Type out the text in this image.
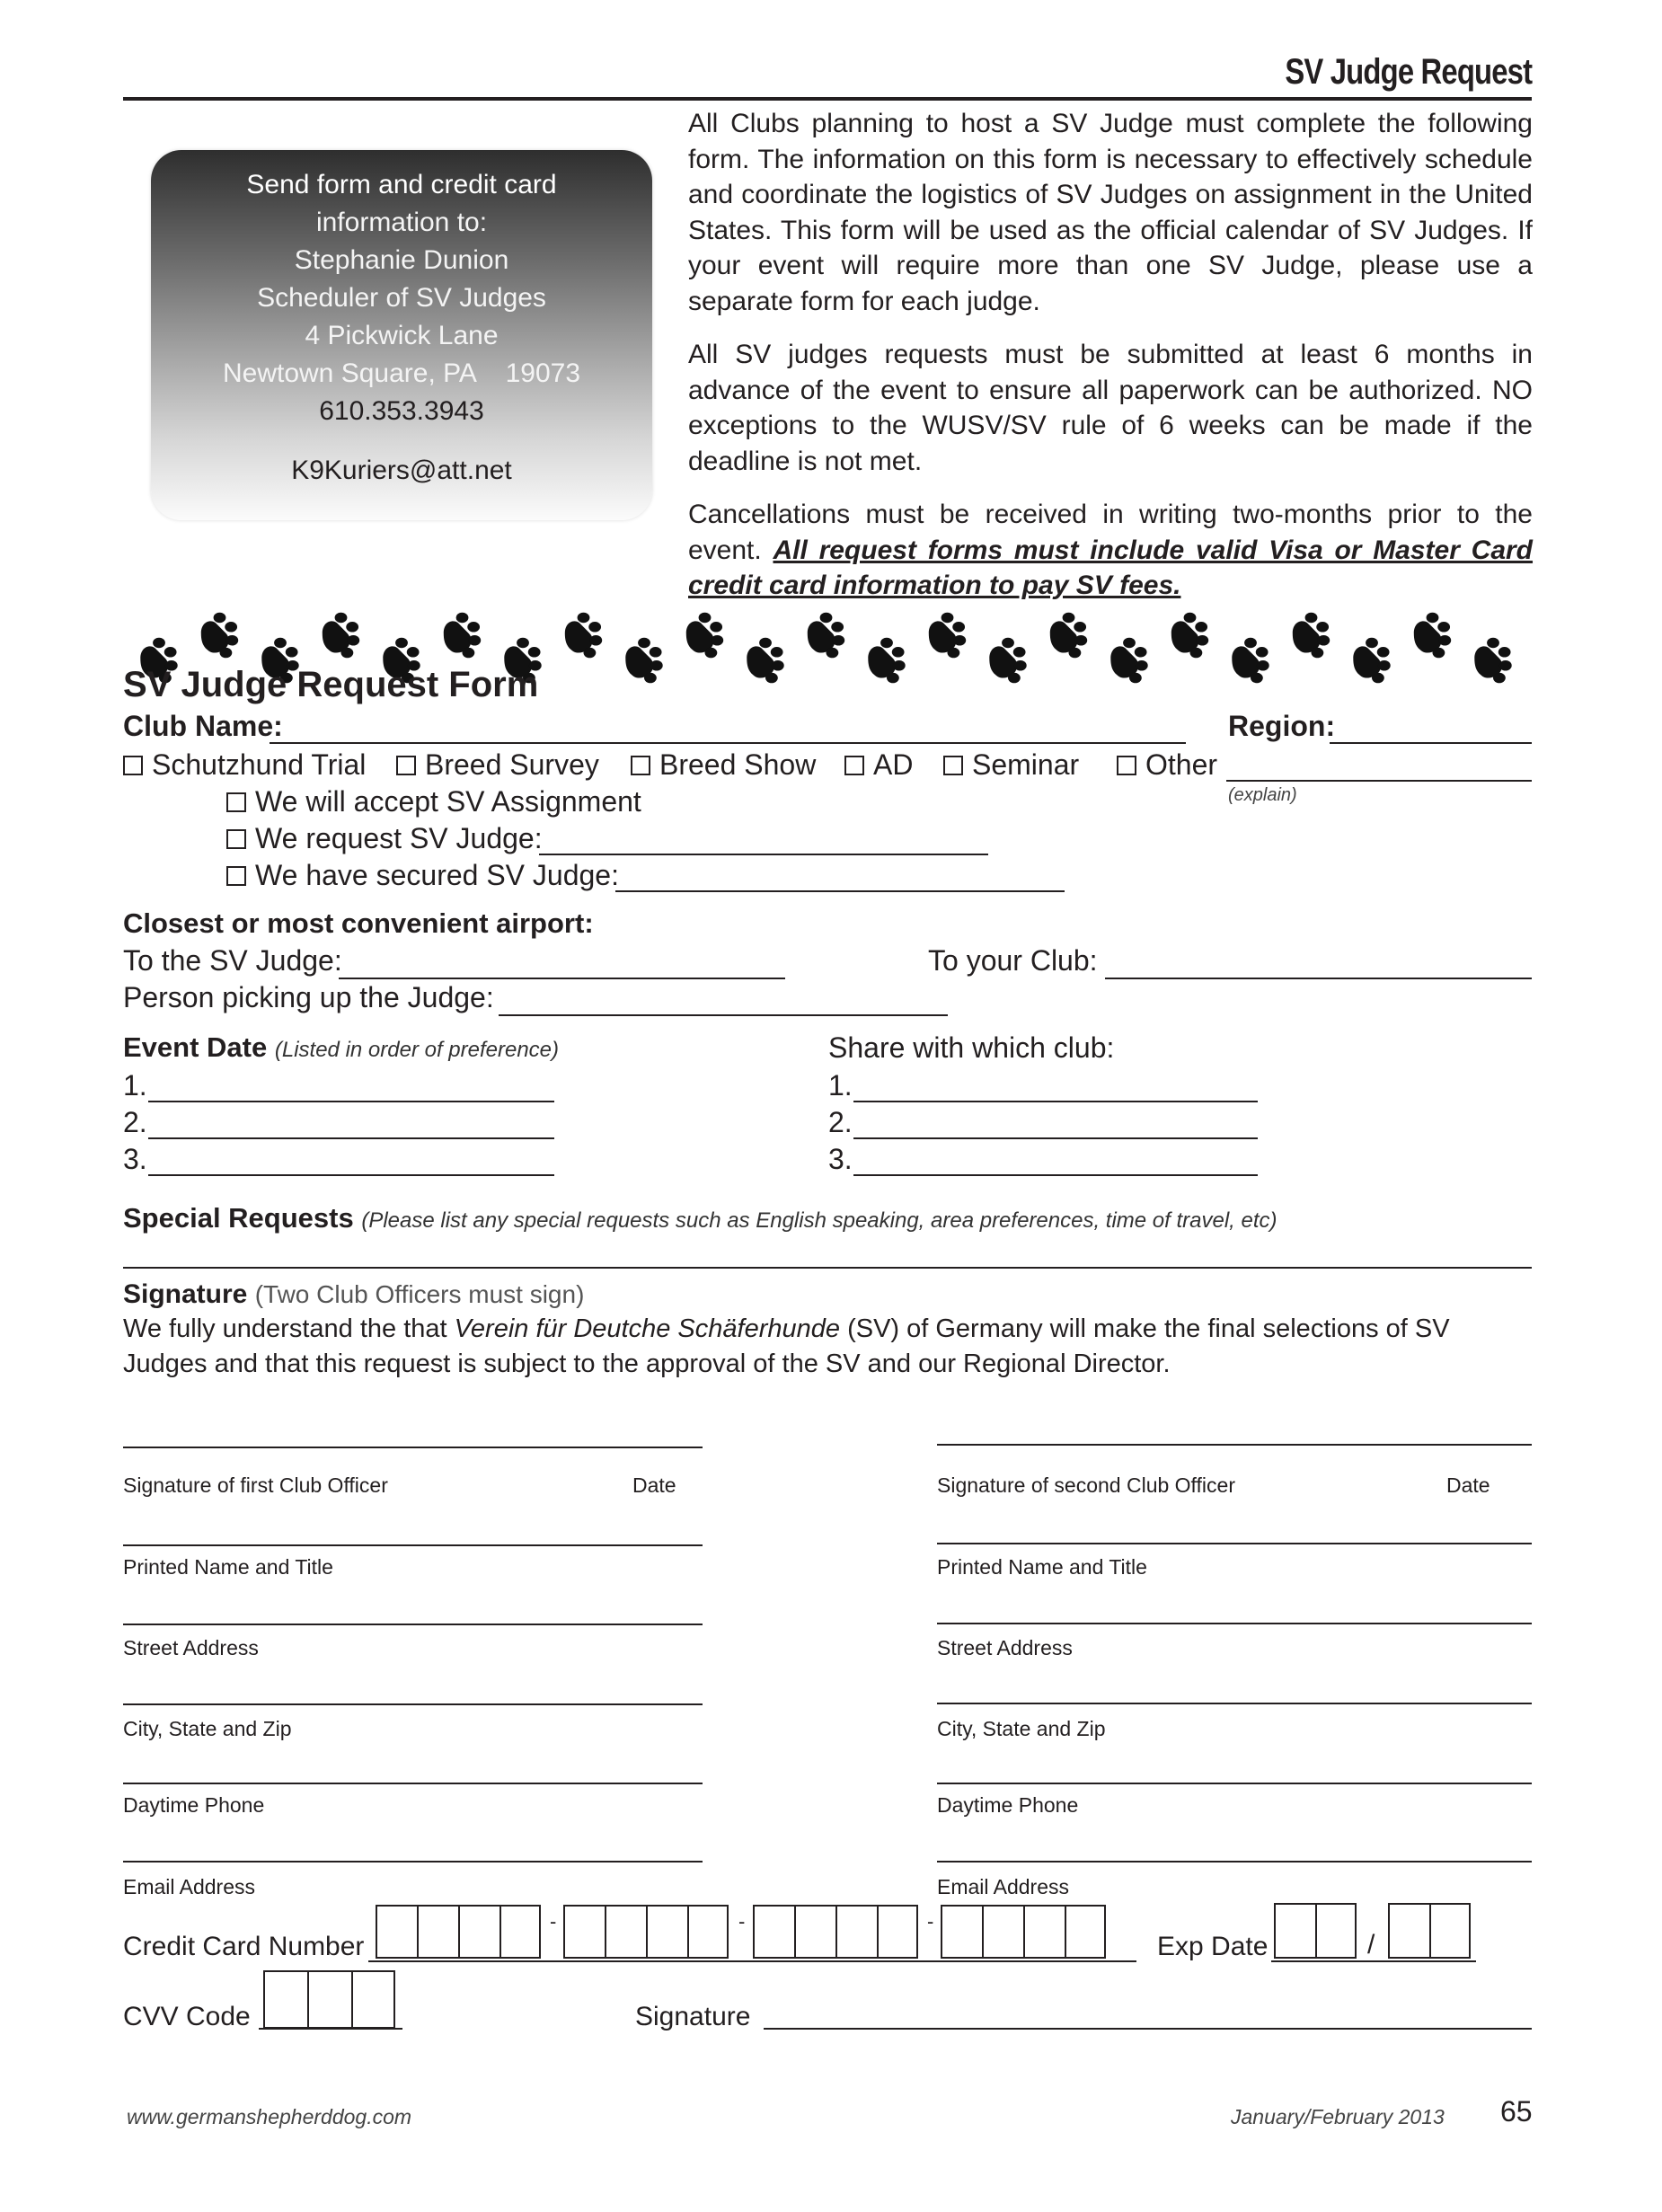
SV Judge Request
Send form and credit card
information to:
Stephanie Dunion
Scheduler of SV Judges
4 Pickwick Lane
Newtown Square, PA    19073
610.353.3943
K9Kuriers@att.net

All Clubs planning to host a SV Judge must complete the following form. The information on this form is necessary to effectively schedule and coordinate the logistics of SV Judges on assignment in the United States. This form will be used as the official calendar of SV Judges. If your event will require more than one SV Judge, please use a separate form for each judge.

All SV judges requests must be submitted at least 6 months in advance of the event to ensure all paperwork can be authorized. NO exceptions to the WUSV/SV rule of 6 weeks can be made if the deadline is not met.

Cancellations must be received in writing two-months prior to the event. All request forms must include valid Visa or Master Card credit card information to pay SV fees.

SV Judge Request Form
Club Name:	Region:
Schutzhund Trial	Breed Survey	Breed Show	AD	Seminar	Other
(explain)
We will accept SV Assignment
We request SV Judge:
We have secured SV Judge:
Closest or most convenient airport:
To the SV Judge:	To your Club:
Person picking up the Judge:
Event Date (Listed in order of preference)
1.
2.
3.
Share with which club:
1.
2.
3.
Special Requests (Please list any special requests such as English speaking, area preferences, time of travel, etc)
Signature (Two Club Officers must sign)
We fully understand the that Verein für Deutche Schäferhunde (SV) of Germany will make the final selections of SV Judges and that this request is subject to the approval of the SV and our Regional Director.
Signature of first Club Officer	Date
Printed Name and Title
Street Address
City, State and Zip
Daytime Phone
Email Address
Signature of second Club Officer	Date
Printed Name and Title
Street Address
City, State and Zip
Daytime Phone
Email Address
Credit Card Number
-	-	-
Exp Date	/
CVV Code	Signature
www.germanshepherddog.com	January/February 2013 65
